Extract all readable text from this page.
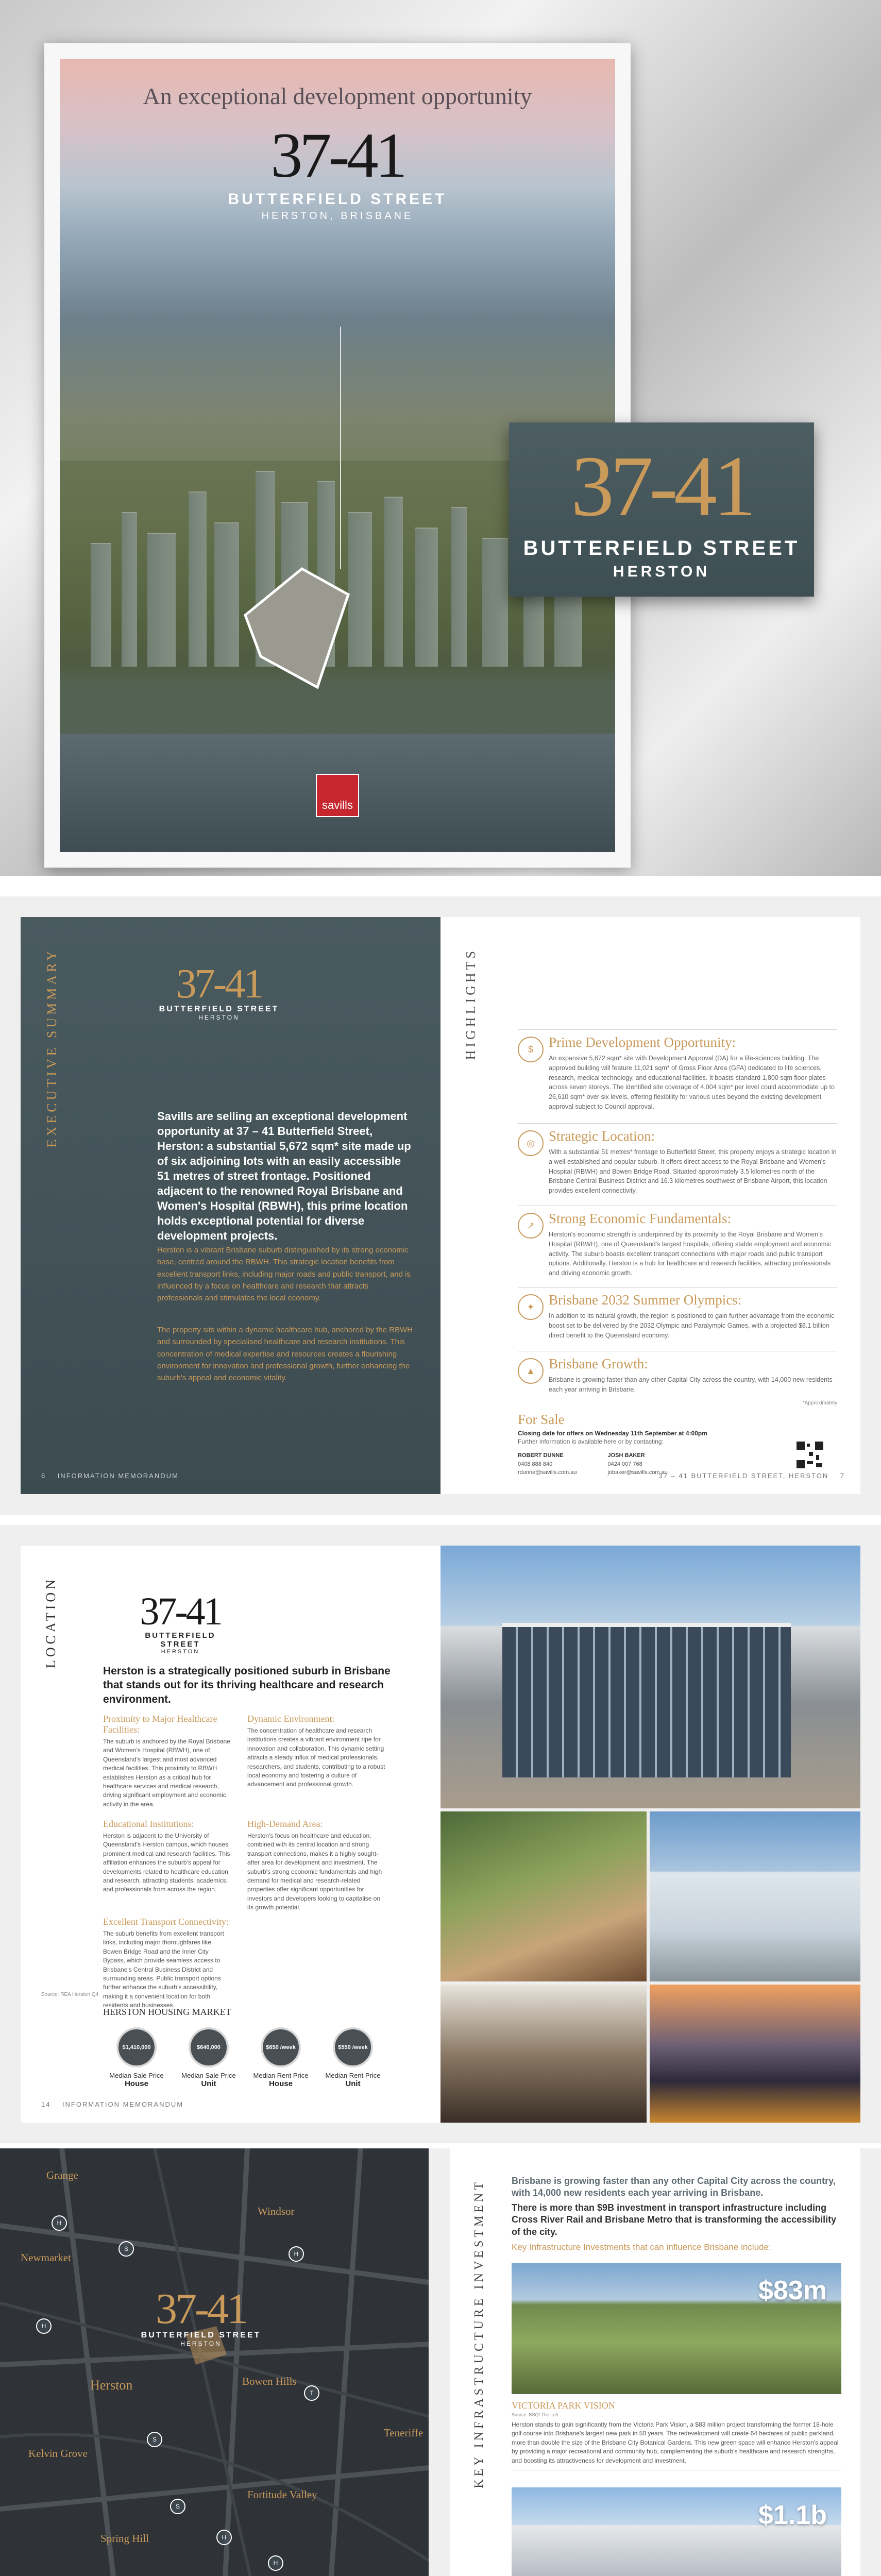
An exceptional development opportunity
37-41
BUTTERFIELD STREET
HERSTON, BRISBANE
savills
37-41
BUTTERFIELD STREET
HERSTON
EXECUTIVE SUMMARY	37-41
BUTTERFIELD STREET
HERSTON

Savills are selling an exceptional development opportunity at 37 – 41 Butterfield Street, Herston: a substantial 5,672 sqm* site made up of six adjoining lots with an easily accessible 51 metres of street frontage. Positioned adjacent to the renowned Royal Brisbane and Women's Hospital (RBWH), this prime location holds exceptional potential for diverse development projects.

Herston is a vibrant Brisbane suburb distinguished by its strong economic base, centred around the RBWH. This strategic location benefits from excellent transport links, including major roads and public transport, and is influenced by a focus on healthcare and research that attracts professionals and stimulates the local economy.

The property sits within a dynamic healthcare hub, anchored by the RBWH and surrounded by specialised healthcare and research institutions. This concentration of medical expertise and resources creates a flourishing environment for innovation and professional growth, further enhancing the suburb's appeal and economic vitality.

6 INFORMATION MEMORANDUM
HIGHLIGHTS	$	Prime Development Opportunity:
An expansive 5,672 sqm* site with Development Approval (DA) for a life-sciences building. The approved building will feature 11,021 sqm* of Gross Floor Area (GFA) dedicated to life sciences, research, medical technology, and educational facilities. It boasts standard 1,800 sqm floor plates across seven storeys. The identified site coverage of 4,004 sqm* per level could accommodate up to 26,610 sqm* over six levels, offering flexibility for various uses beyond the existing development approval subject to Council approval.
◎	Strategic Location:
With a substantial 51 metres* frontage to Butterfield Street, this property enjoys a strategic location in a well-established and popular suburb. It offers direct access to the Royal Brisbane and Women's Hospital (RBWH) and Bowen Bridge Road. Situated approximately 3.5 kilometres north of the Brisbane Central Business District and 16.3 kilometres southwest of Brisbane Airport, this location provides excellent connectivity.
↗	Strong Economic Fundamentals:
Herston's economic strength is underpinned by its proximity to the Royal Brisbane and Women's Hospital (RBWH), one of Queensland's largest hospitals, offering stable employment and economic activity. The suburb boasts excellent transport connections with major roads and public transport options. Additionally, Herston is a hub for healthcare and research facilities, attracting professionals and driving economic growth.
✦	Brisbane 2032 Summer Olympics:
In addition to its natural growth, the region is positioned to gain further advantage from the economic boost set to be delivered by the 2032 Olympic and Paralympic Games, with a projected $8.1 billion direct benefit to the Queensland economy.
▲ Brisbane Growth:
Brisbane is growing faster than any other Capital City across the country, with 14,000 new residents each year arriving in Brisbane.
*Approximately
For Sale
Closing date for offers on Wednesday 11th September at 4:00pm
Further information is available here or by contacting:
ROBERT DUNNE
0408 888 840
rdunne@savills.com.au
JOSH BAKER
0424 007 768
jobaker@savills.com.au
37 – 41 BUTTERFIELD STREET, HERSTON 7
LOCATION	37-41
BUTTERFIELD STREET
HERSTON
Herston is a strategically positioned suburb in Brisbane that stands out for its thriving healthcare and research environment.
Proximity to Major Healthcare Facilities:
The suburb is anchored by the Royal Brisbane and Women's Hospital (RBWH), one of Queensland's largest and most advanced medical facilities. This proximity to RBWH establishes Herston as a critical hub for healthcare services and medical research, driving significant employment and economic activity in the area.
Dynamic Environment:
The concentration of healthcare and research institutions creates a vibrant environment ripe for innovation and collaboration. This dynamic setting attracts a steady influx of medical professionals, researchers, and students, contributing to a robust local economy and fostering a culture of advancement and professional growth.
Educational Institutions:
Herston is adjacent to the University of Queensland's Herston campus, which houses prominent medical and research facilities. This affiliation enhances the suburb's appeal for developments related to healthcare education and research, attracting students, academics, and professionals from across the region.
High-Demand Area:
Herston's focus on healthcare and education, combined with its central location and strong transport connections, makes it a highly sought-after area for development and investment. The suburb's strong economic fundamentals and high demand for medical and research-related properties offer significant opportunities for investors and developers looking to capitalise on its growth potential.
Excellent Transport Connectivity:
The suburb benefits from excellent transport links, including major thoroughfares like Bowen Bridge Road and the Inner City Bypass, which provide seamless access to Brisbane's Central Business District and surrounding areas. Public transport options further enhance the suburb's accessibility, making it a convenient location for both residents and businesses.
Source: REA Herston Q4
HERSTON HOUSING MARKET
$1,410,000
Median Sale Price
House
$640,000
Median Sale Price
Unit
$650 /week
Median Rent Price
House
$550 /week
Median Rent Price
Unit
14 INFORMATION MEMORANDUM
37-41
BUTTERFIELD STREET
HERSTON
Grange
Windsor
Newmarket
Herston	Bowen Hills
Teneriffe
Kelvin Grove
Fortitude Valley
Spring Hill
H
S
H
H
S
S
H
T
H
KEY INFRASTRUCTURE INVESTMENT	Brisbane is growing faster than any other Capital City across the country, with 14,000 new residents each year arriving in Brisbane.
There is more than $9B investment in transport infrastructure including Cross River Rail and Brisbane Metro that is transforming the accessibility of the city.
Key Infrastructure Investments that can influence Brisbane include:
$83m
VICTORIA PARK VISION
Source: BSQ/ The Loft
Herston stands to gain significantly from the Victoria Park Vision, a $83 million project transforming the former 18-hole golf course into Brisbane's largest new park in 50 years. The redevelopment will create 64 hectares of public parkland, more than double the size of the Brisbane City Botanical Gardens. This new green space will enhance Herston's appeal by providing a major recreational and community hub, complementing the suburb's healthcare and research strengths, and boosting its attractiveness for development and investment.
$1.1b
